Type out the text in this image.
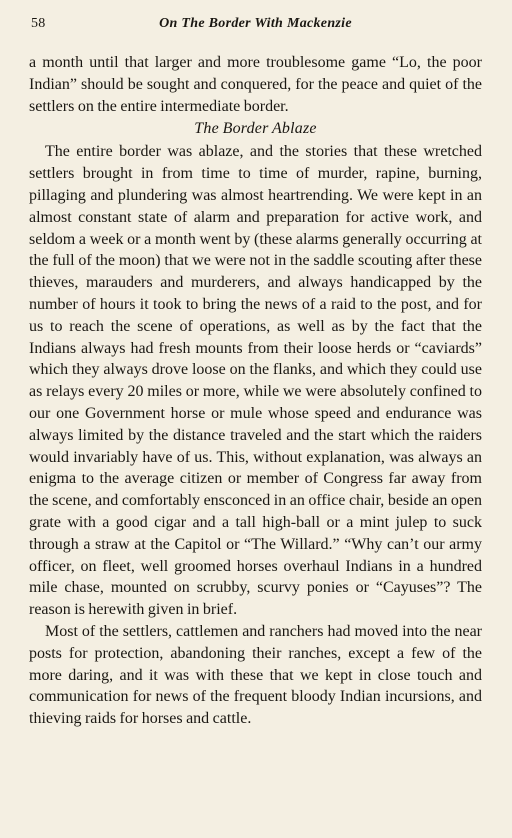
58	On The Border With Mackenzie

a month until that larger and more troublesome game “Lo, the poor Indian” should be sought and conquered, for the peace and quiet of the settlers on the entire intermediate border.

The Border Ablaze

The entire border was ablaze, and the stories that these wretched settlers brought in from time to time of murder, rapine, burning, pillaging and plundering was almost heartrending. We were kept in an almost constant state of alarm and preparation for active work, and seldom a week or a month went by (these alarms generally occurring at the full of the moon) that we were not in the saddle scouting after these thieves, marauders and murderers, and always handicapped by the number of hours it took to bring the news of a raid to the post, and for us to reach the scene of operations, as well as by the fact that the Indians always had fresh mounts from their loose herds or “caviards” which they always drove loose on the flanks, and which they could use as relays every 20 miles or more, while we were absolutely confined to our one Government horse or mule whose speed and endurance was always limited by the distance traveled and the start which the raiders would invariably have of us. This, without explanation, was always an enigma to the average citizen or member of Congress far away from the scene, and comfortably ensconced in an office chair, beside an open grate with a good cigar and a tall high-ball or a mint julep to suck through a straw at the Capitol or “The Willard.” “Why can’t our army officer, on fleet, well groomed horses overhaul Indians in a hundred mile chase, mounted on scrubby, scurvy ponies or “Cayuses”? The reason is herewith given in brief.

Most of the settlers, cattlemen and ranchers had moved into the near posts for protection, abandoning their ranches, except a few of the more daring, and it was with these that we kept in close touch and communication for news of the frequent bloody Indian incursions, and thieving raids for horses and cattle.
